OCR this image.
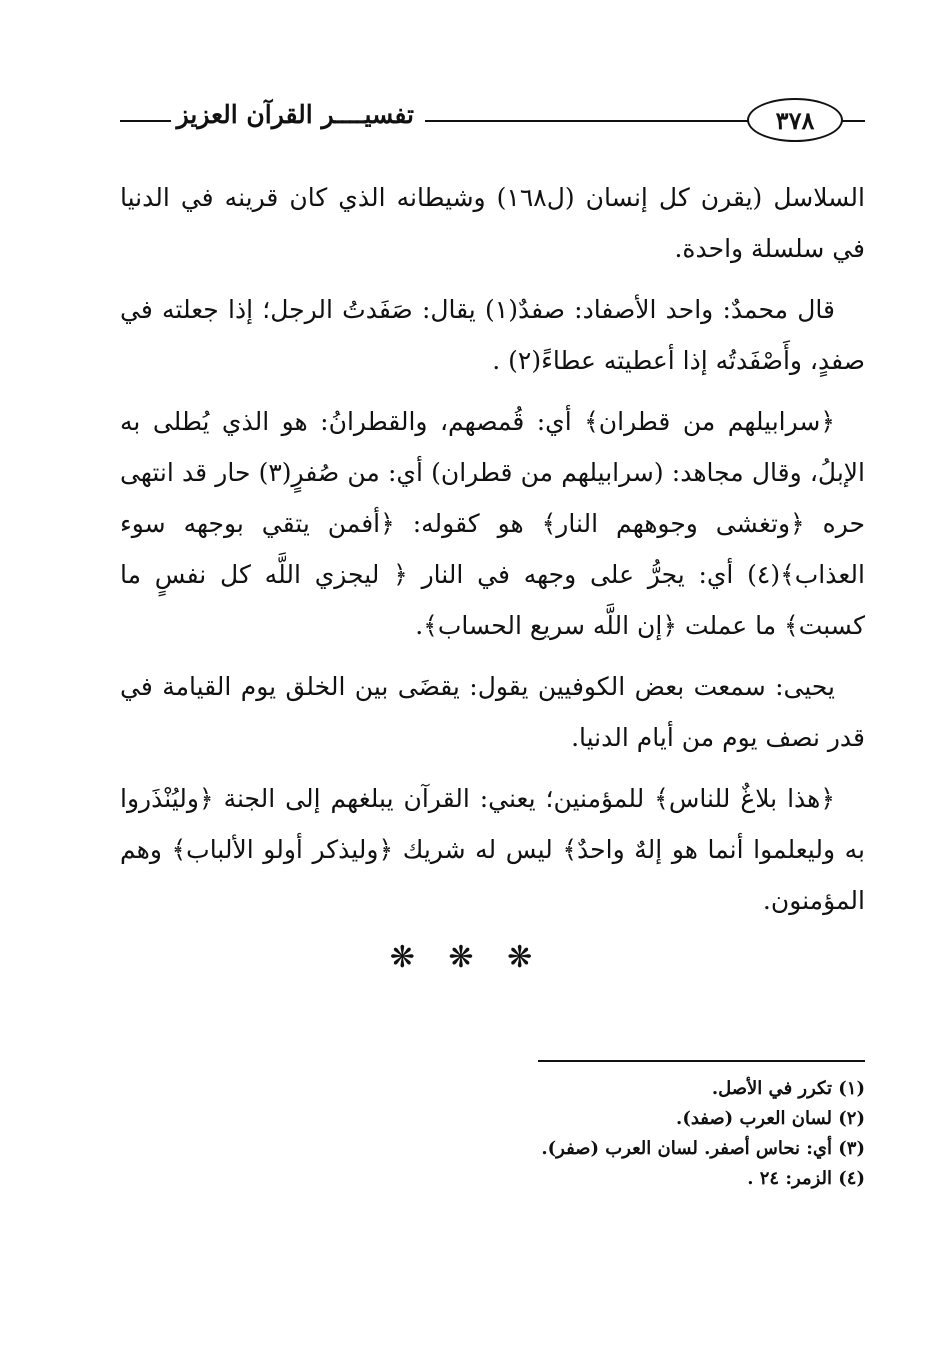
٣٧٨
تفسيــــر القرآن العزيز

السلاسل (يقرن كل إنسان (ل١٦٨) وشيطانه الذي كان قرينه في الدنيا في سلسلة واحدة.

قال محمدٌ: واحد الأصفاد: صفدٌ(١) يقال: صَفَدتُ الرجل؛ إذا جعلته في صفدٍ، وأَصْفَدتُه إذا أعطيته عطاءً(٢) .

﴿سرابيلهم من قطران﴾ أي: قُمصهم، والقطرانُ: هو الذي يُطلى به الإبلُ، وقال مجاهد: (سرابيلهم من قطران) أي: من صُفرٍ(٣) حار قد انتهى حره ﴿وتغشى وجوههم النار﴾ هو كقوله: ﴿أفمن يتقي بوجهه سوء العذاب﴾(٤) أي: يجرُّ على وجهه في النار ﴿ ليجزي اللَّه كل نفسٍ ما كسبت﴾ ما عملت ﴿إن اللَّه سريع الحساب﴾.

يحيى: سمعت بعض الكوفيين يقول: يقضَى بين الخلق يوم القيامة في قدر نصف يوم من أيام الدنيا.

﴿هذا بلاغٌ للناس﴾ للمؤمنين؛ يعني: القرآن يبلغهم إلى الجنة ﴿وليُنْذَروا به وليعلموا أنما هو إلهٌ واحدٌ﴾ ليس له شريك ﴿وليذكر أولو الألباب﴾ وهم المؤمنون.

❋ ❋ ❋
(١) تكرر في الأصل.
(٢) لسان العرب (صفد).
(٣) أي: نحاس أصفر. لسان العرب (صفر).
(٤) الزمر: ٢٤ .
